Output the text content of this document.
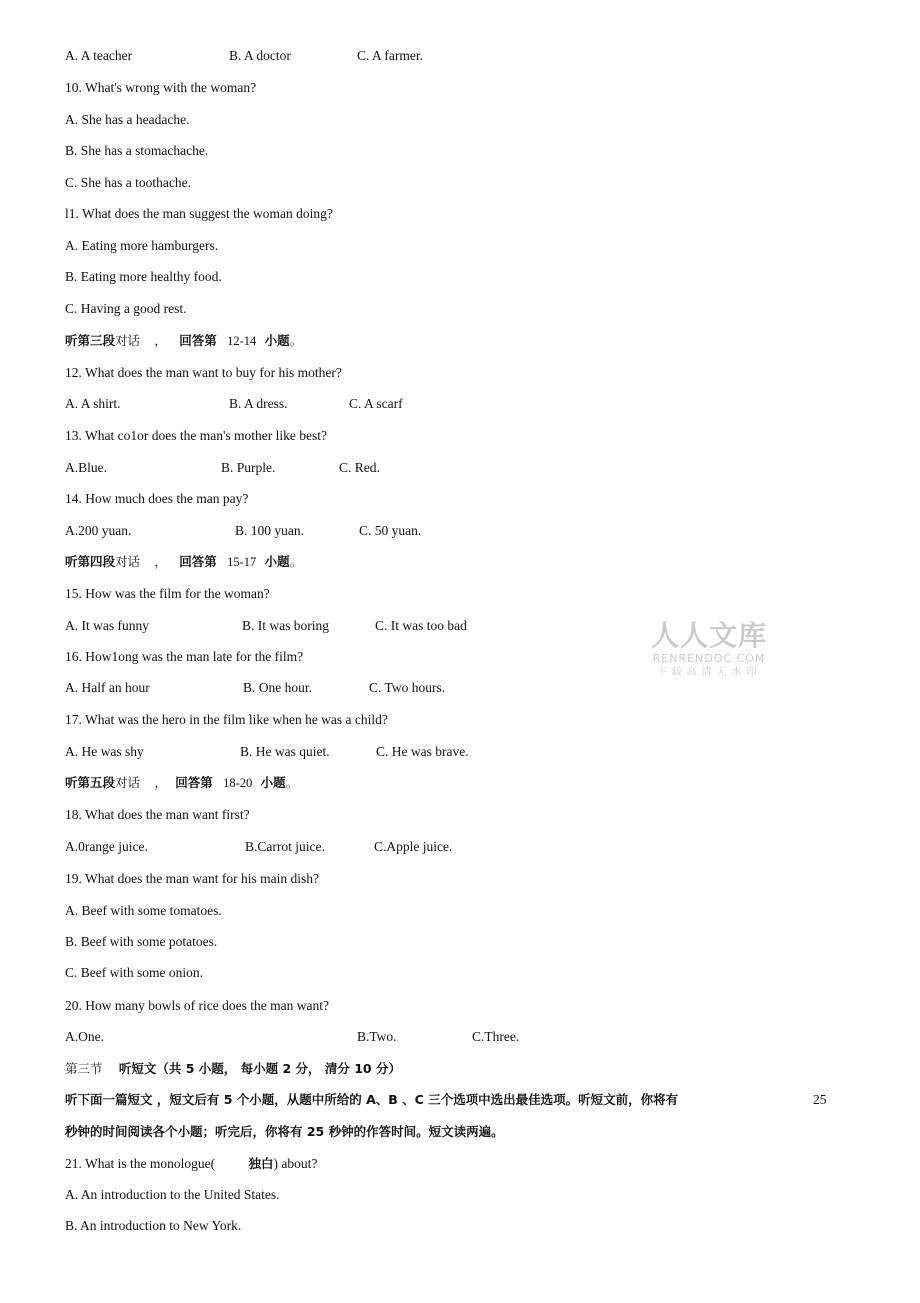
A. A teacher	B. A doctor	C. A farmer.
10. What's wrong with the woman?
A. She has a headache.
B. She has a stomachache.
C. She has a toothache.
l1. What does the man suggest the woman doing?
A. Eating more hamburgers.
B. Eating more healthy food.
C. Having a good rest.
听第三段对话 ， 回答第 12-14 小题。
12. What does the man want to buy for his mother?
A. A shirt.	B. A dress.	C. A scarf
13. What co1or does the man's mother like best?
A.Blue.	B. Purple.	C. Red.
14. How much does the man pay?
A.200 yuan.	B. 100 yuan.	C. 50 yuan.
听第四段对话 ， 回答第 15-17 小题。
15. How was the film for the woman?
A. It was funny	B. It was boring	C. It was too bad
16. How1ong was the man late for the film?
A. Half an hour	B. One hour.	C. Two hours.
17. What was the hero in the film like when he was a child?
A. He was shy	B. He was quiet.	C. He was brave.
听第五段对话 ， 回答第 18-20 小题。
18. What does the man want first?
A.0range juice.	B.Carrot juice.	C.Apple juice.
19. What does the man want for his main dish?
A. Beef with some tomatoes.
B. Beef with some potatoes.
C. Beef with some onion.
20. How many bowls of rice does the man want?
A.One.	B.Two.	C.Three.
第三节 听短文（共 5 小题， 每小题 2 分， 清分 10 分）
听下面一篇短文 ，短文后有 5 个小题，从题中所给的 A、B 、C 三个选项中选出最佳选项。听短文前，你将有	25
秒钟的时间阅读各个小题；听完后，你将有 25 秒钟的作答时间。短文读两遍。
21. What is the monologue(	独白) about?
A. An introduction to the United States.
B. An introduction to New York.
人人文库
RENRENDOC.COM
下载高清无水印
